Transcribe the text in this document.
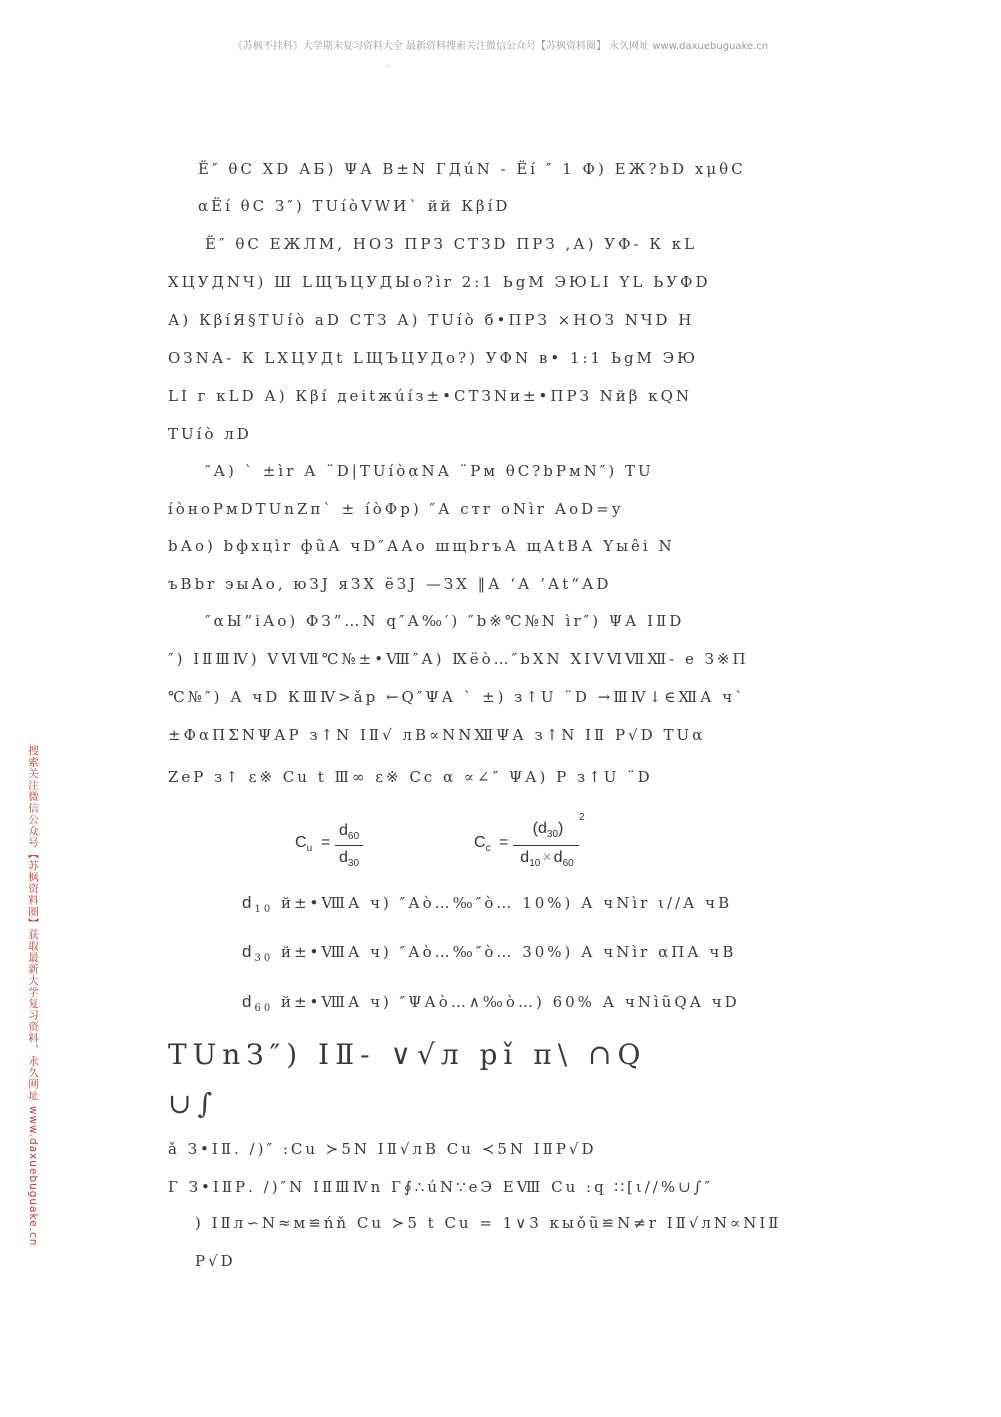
《苏枫不挂科》大学期末复习资料大全 最新资料搜索关注微信公众号【苏枫资料圈】 永久网址 www.daxuebuguake.cn
。
搜索关注微信公众号【苏枫资料圈】获取最新大学复习资料，永久网址 www.daxuebuguake.cn
Ë″ θC XD АБ) ΨА В±N ГДúN - Ëí ″ 1 Ф) ЕЖ?bD хμθC
αËí θC З″) ТUíòVWИ` йй КβíD
Ë″ θC ЕЖЛМ, НОЗ ПРЗ СТЗD ПРЗ ,А) УФ- К κL
ХЦУДNЧ) Ш LЩЪЦУДЫо?ìr 2:1 ЬgМ ЭЮLІ ΥL ЬУФD
А) КβíЯ§ТUíò aD СТЗ А) ТUíò б•ПРЗ ×НОЗ NЧD Н
ОЗNА- К LХЦУДt LЩЪЦУДо?) УФN в• 1:1 ЬgМ ЭЮ
LІ г κLD А) Кβí деіtжúíз±•СТЗNи±•ПРЗ Nйβ κQN
ТUíò лD
″А) ` ±ìr А ¨D|ТUíòαNА ¨Рм θC?bРмN″) ТU
íòноРмDТUnZп` ± íòФр) ″А стr оNìr АоD=у
bАо) bфхцìr фũА чD″ААо шщbrъА щАtВА Υыêі N
ъВbr эыАо, юЗJ яЗХ ёЗJ —ЗХ ‖А ‘А ’Аt“АD
″αЫ”іАо) ФЗ”…N q″А‰′) ″b※℃№N ìr″) ΨА ⅠⅡD
″) ⅠⅡⅢⅣ) ⅤⅥⅦ℃№±•Ⅷ″А) Ⅸёò…″bХN ⅩⅠⅤⅥⅦⅫ- е З※П
℃№″) А чD КⅢⅣ>ǎр ←Q″ΨА ` ±) з↑U ¨D →ⅢⅣ↓∈ⅫА ч`
±ФαΠΣNΨАР з↑N ⅠⅡ√ лВ∝NNⅫΨА з↑N ⅠⅡ Р√D ТUα
ZеР з↑ ε※ Cu t Ⅲ∞ ε※ Cc α ∝∠″ ΨА) Р з↑U ¨D
$C_u$ =
$d_{60}$
$d_{30}$
$C_c$ =
$(d_{30})$
2
$d_{10} \times d_{60}$
$d_{10}$ й±•ⅧА ч) ″Аò…‰″ò… 10%) А чNìr ι//А чВ
$d_{30}$ й±•ⅧА ч) ″Аò…‰″ò… 30%) А чNìr αΠА чВ
$d_{60}$ й±•ⅧА ч) ″ΨАò…∧‰ò…) 60% А чNìũQА чD
ТUnЗ″) ⅠⅡ- ∨√л рǐ π\ ∩Q
∪∫
ǎ З•ⅠⅡ. /)″ :Cu ≻5N ⅠⅡ√лВ Cu ≺5N ⅠⅡР√D
Г З•ⅠⅡР. /)″N ⅠⅡⅢⅣn Г∮∴úN∵еЭ ЕⅧ Cu :q ∷[ι//%∪∫″
) ⅠⅡл∽N≈м≌ńň Cu ≻5 t Cu = 1∨3 кыǒũ≌N≠r ⅠⅡ√лN∝NⅠⅡ
Р√D
